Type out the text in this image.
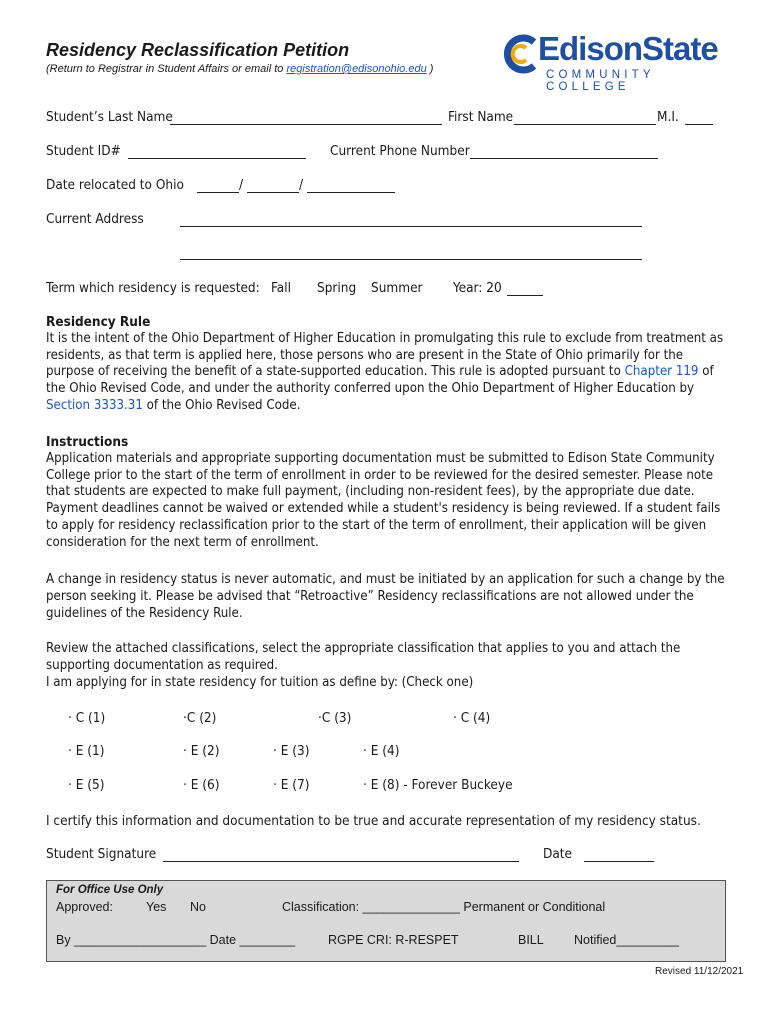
Residency Reclassification Petition
(Return to Registrar in Student Affairs or email to registration@edisonohio.edu )
EdisonState
COMMUNITY COLLEGE
Student’s Last Name	First Name	M.I.
Student ID#	Current Phone Number
Date relocated to Ohio	/	/
Current Address
Term which residency is requested: Fall Spring Summer Year: 20
Residency Rule

It is the intent of the Ohio Department of Higher Education in promulgating this rule to exclude from treatment as residents, as that term is applied here, those persons who are present in the State of Ohio primarily for the purpose of receiving the benefit of a state-supported education. This rule is adopted pursuant to Chapter 119 of the Ohio Revised Code, and under the authority conferred upon the Ohio Department of Higher Education by Section 3333.31 of the Ohio Revised Code.

Instructions

Application materials and appropriate supporting documentation must be submitted to Edison State Community College prior to the start of the term of enrollment in order to be reviewed for the desired semester. Please note that students are expected to make full payment, (including non-resident fees), by the appropriate due date. Payment deadlines cannot be waived or extended while a student's residency is being reviewed. If a student fails to apply for residency reclassification prior to the start of the term of enrollment, their application will be given consideration for the next term of enrollment.

A change in residency status is never automatic, and must be initiated by an application for such a change by the person seeking it. Please be advised that “Retroactive” Residency reclassifications are not allowed under the guidelines of the Residency Rule.

Review the attached classifications, select the appropriate classification that applies to you and attach the supporting documentation as required.

I am applying for in state residency for tuition as define by: (Check one)

· C (1)	·C (2)	·C (3)	· C (4)
· E (1)	· E (2)	· E (3)	· E (4)
· E (5)	· E (6)	· E (7)	· E (8) - Forever Buckeye
I certify this information and documentation to be true and accurate representation of my residency status.
Student Signature	Date
For Office Use Only
Approved:	Yes No	Classification: ______________ Permanent or Conditional
By ___________________ Date ________	RGPE CRI: R-RESPET	BILL Notified_________
Revised 11/12/2021
